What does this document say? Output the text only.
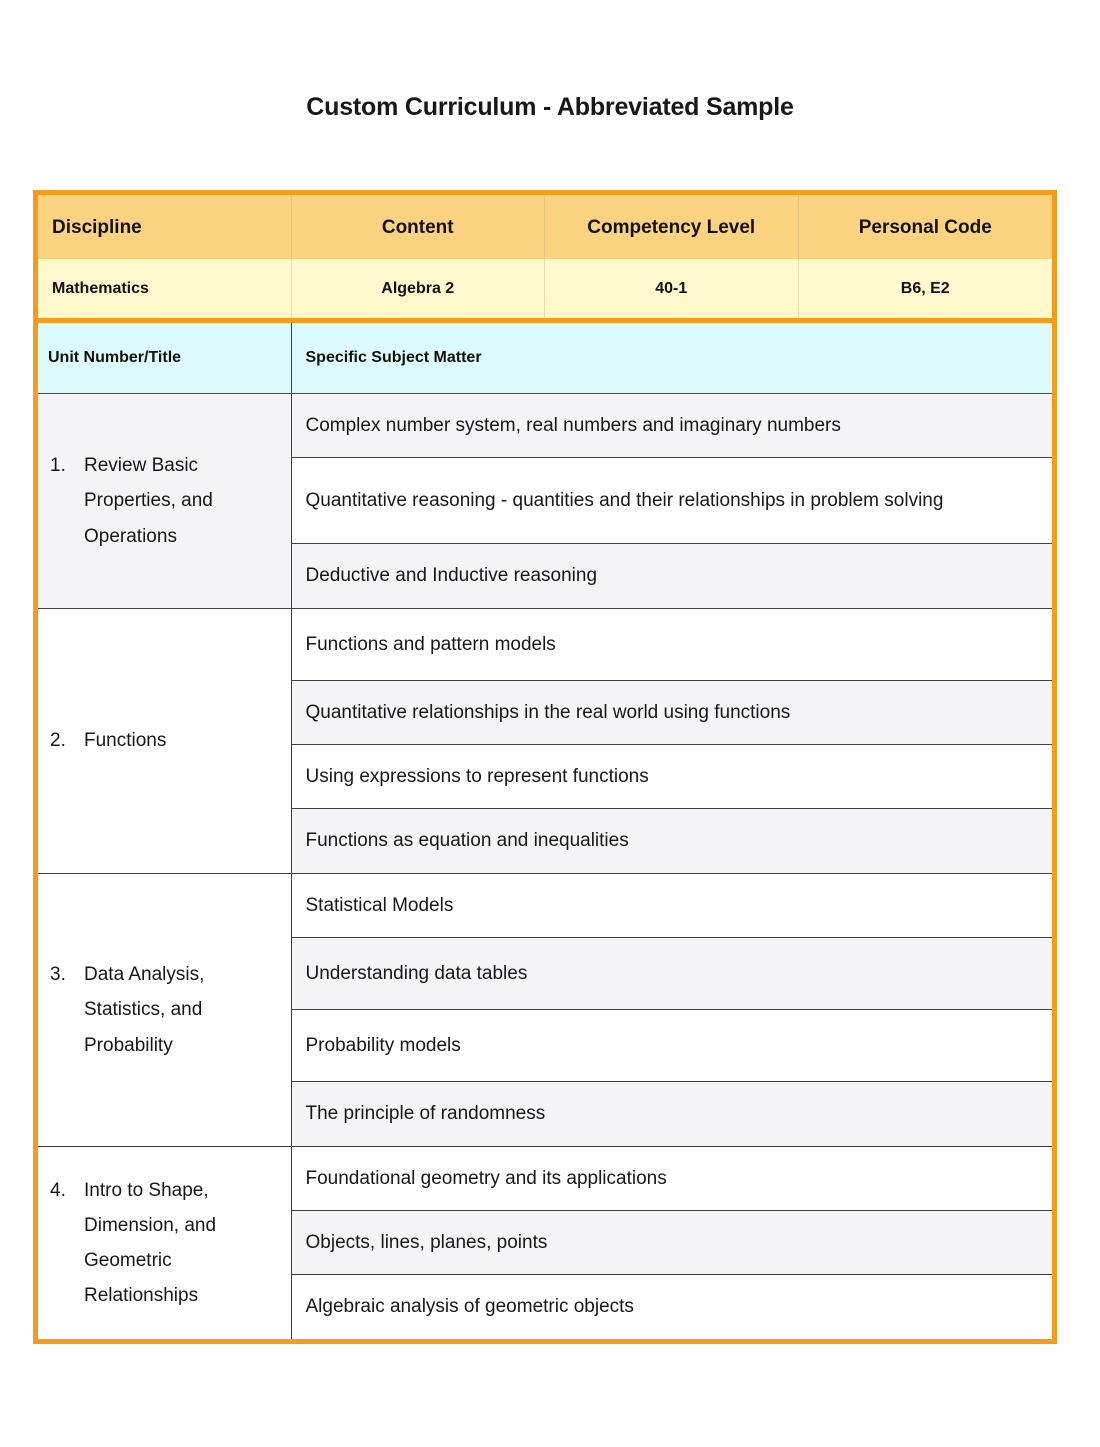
Custom Curriculum - Abbreviated Sample
Discipline	Content	Competency Level	Personal Code
Mathematics	Algebra 2	40-1	B6, E2
Unit Number/Title	Specific Subject Matter
1. Review Basic Properties, and Operations
Complex number system, real numbers and imaginary numbers
Quantitative reasoning - quantities and their relationships in problem solving
Deductive and Inductive reasoning
2. Functions
Functions and pattern models
Quantitative relationships in the real world using functions
Using expressions to represent functions
Functions as equation and inequalities
3. Data Analysis, Statistics, and Probability
Statistical Models
Understanding data tables
Probability models
The principle of randomness
4. Intro to Shape, Dimension, and Geometric Relationships
Foundational geometry and its applications
Objects, lines, planes, points
Algebraic analysis of geometric objects
